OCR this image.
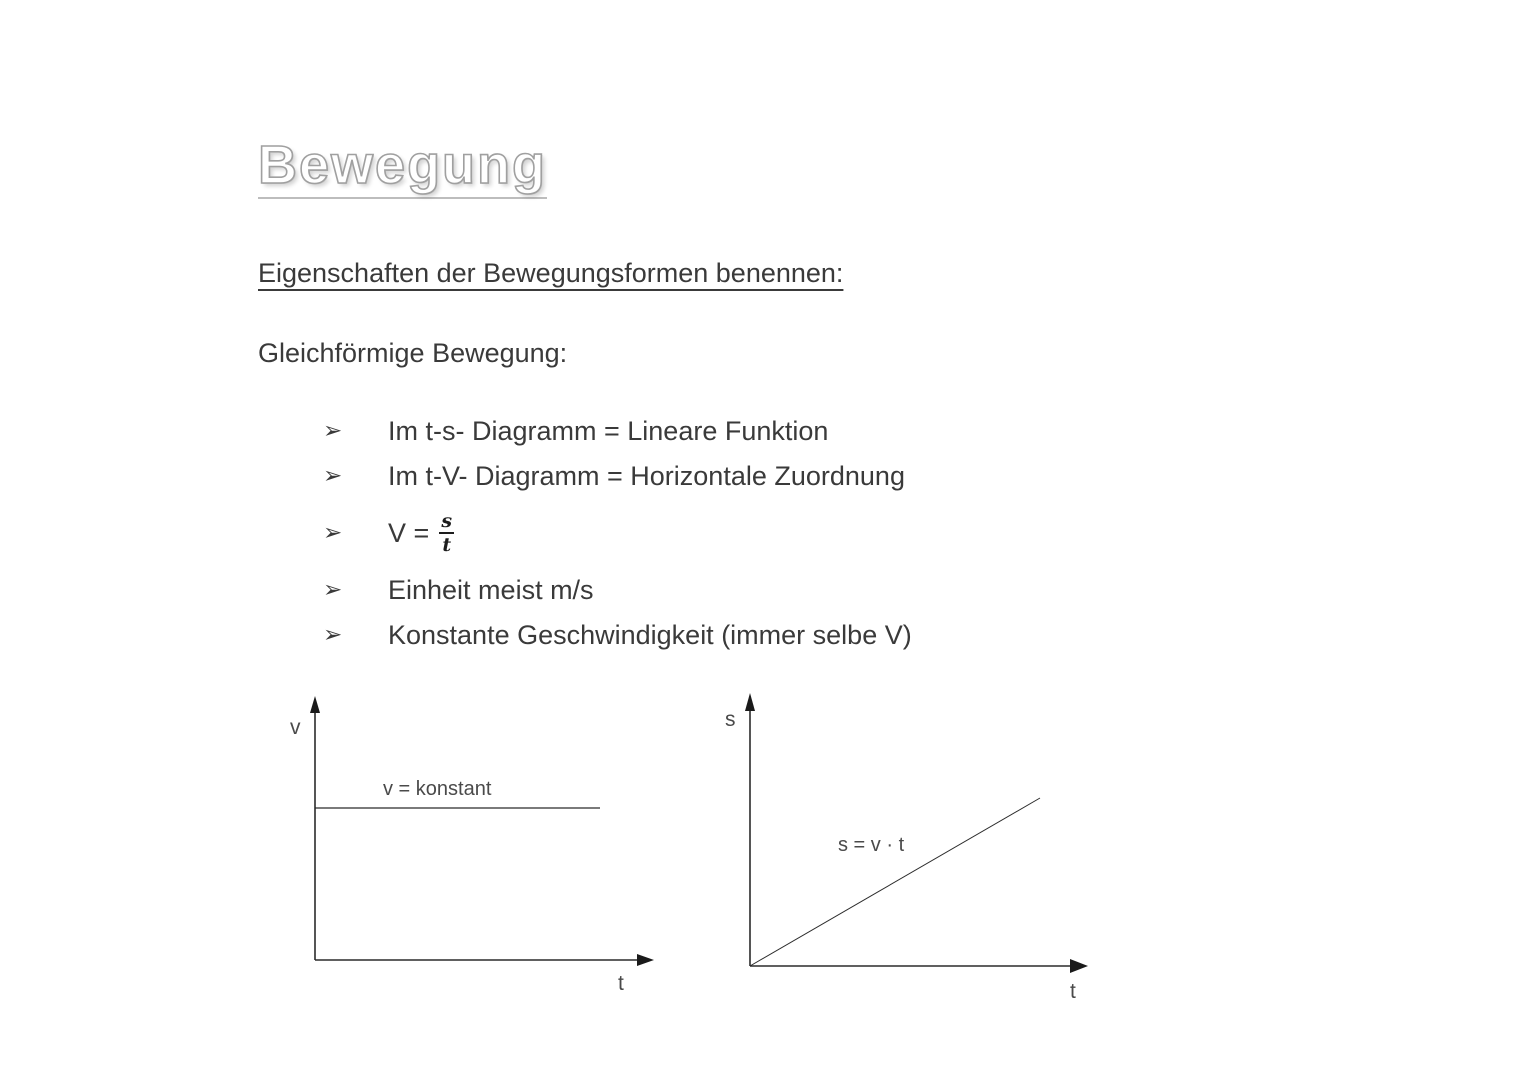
Bewegung
Eigenschaften der Bewegungsformen benennen:

Gleichförmige Bewegung:

➢	Im t-s- Diagramm = Lineare Funktion
➢	Im t-V- Diagramm = Horizontale Zuordnung
➢	$V = \frac{s}{t}$
➢	Einheit meist m/s
➢	Konstante Geschwindigkeit (immer selbe V)
v
t
v = konstant
s
t
s = v · t
